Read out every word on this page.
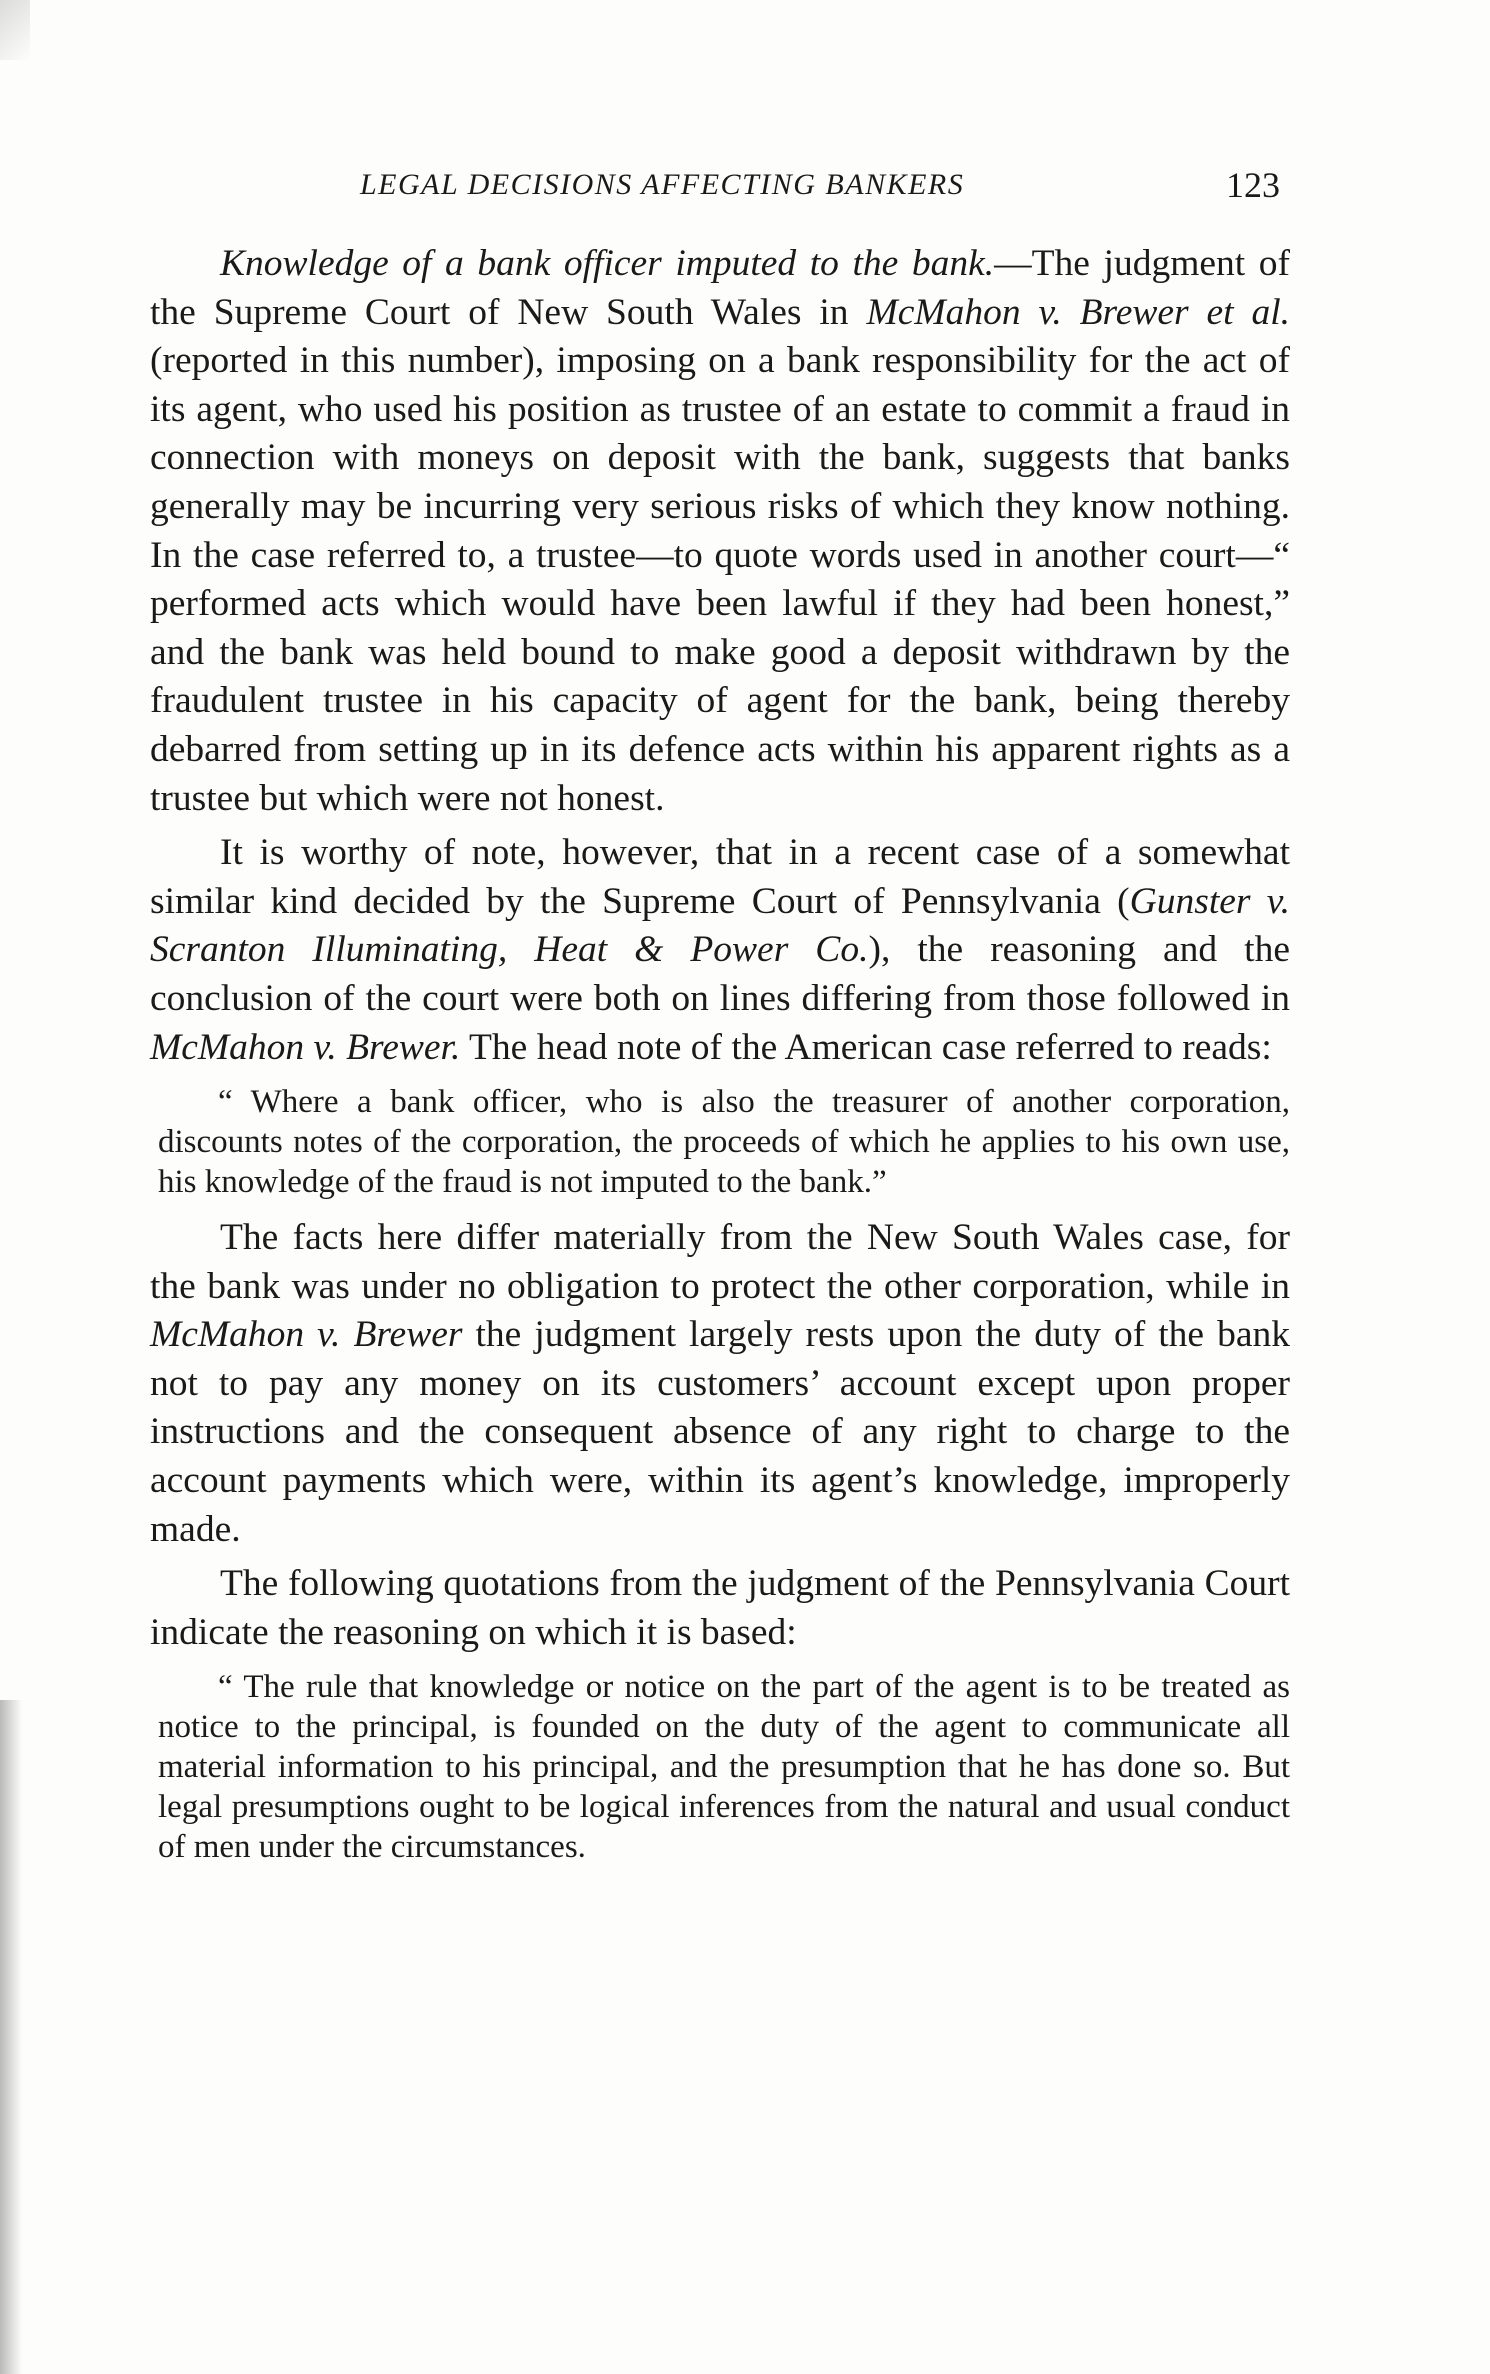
LEGAL DECISIONS AFFECTING BANKERS	123

Knowledge of a bank officer imputed to the bank.—The judgment of the Supreme Court of New South Wales in McMahon v. Brewer et al. (reported in this number), imposing on a bank responsibility for the act of its agent, who used his position as trustee of an estate to commit a fraud in connection with moneys on deposit with the bank, suggests that banks generally may be incurring very serious risks of which they know nothing. In the case referred to, a trustee—to quote words used in another court—“ performed acts which would have been lawful if they had been honest,” and the bank was held bound to make good a deposit withdrawn by the fraudulent trustee in his capacity of agent for the bank, being thereby debarred from setting up in its defence acts within his apparent rights as a trustee but which were not honest.

It is worthy of note, however, that in a recent case of a somewhat similar kind decided by the Supreme Court of Pennsylvania (Gunster v. Scranton Illuminating, Heat & Power Co.), the reasoning and the conclusion of the court were both on lines differing from those followed in McMahon v. Brewer. The head note of the American case referred to reads:

“ Where a bank officer, who is also the treasurer of another corporation, discounts notes of the corporation, the proceeds of which he applies to his own use, his knowledge of the fraud is not imputed to the bank.”

The facts here differ materially from the New South Wales case, for the bank was under no obligation to protect the other corporation, while in McMahon v. Brewer the judgment largely rests upon the duty of the bank not to pay any money on its customers’ account except upon proper instructions and the consequent absence of any right to charge to the account payments which were, within its agent’s knowledge, improperly made.

The following quotations from the judgment of the Pennsylvania Court indicate the reasoning on which it is based:

“ The rule that knowledge or notice on the part of the agent is to be treated as notice to the principal, is founded on the duty of the agent to communicate all material information to his principal, and the presumption that he has done so. But legal presumptions ought to be logical inferences from the natural and usual conduct of men under the circumstances.
